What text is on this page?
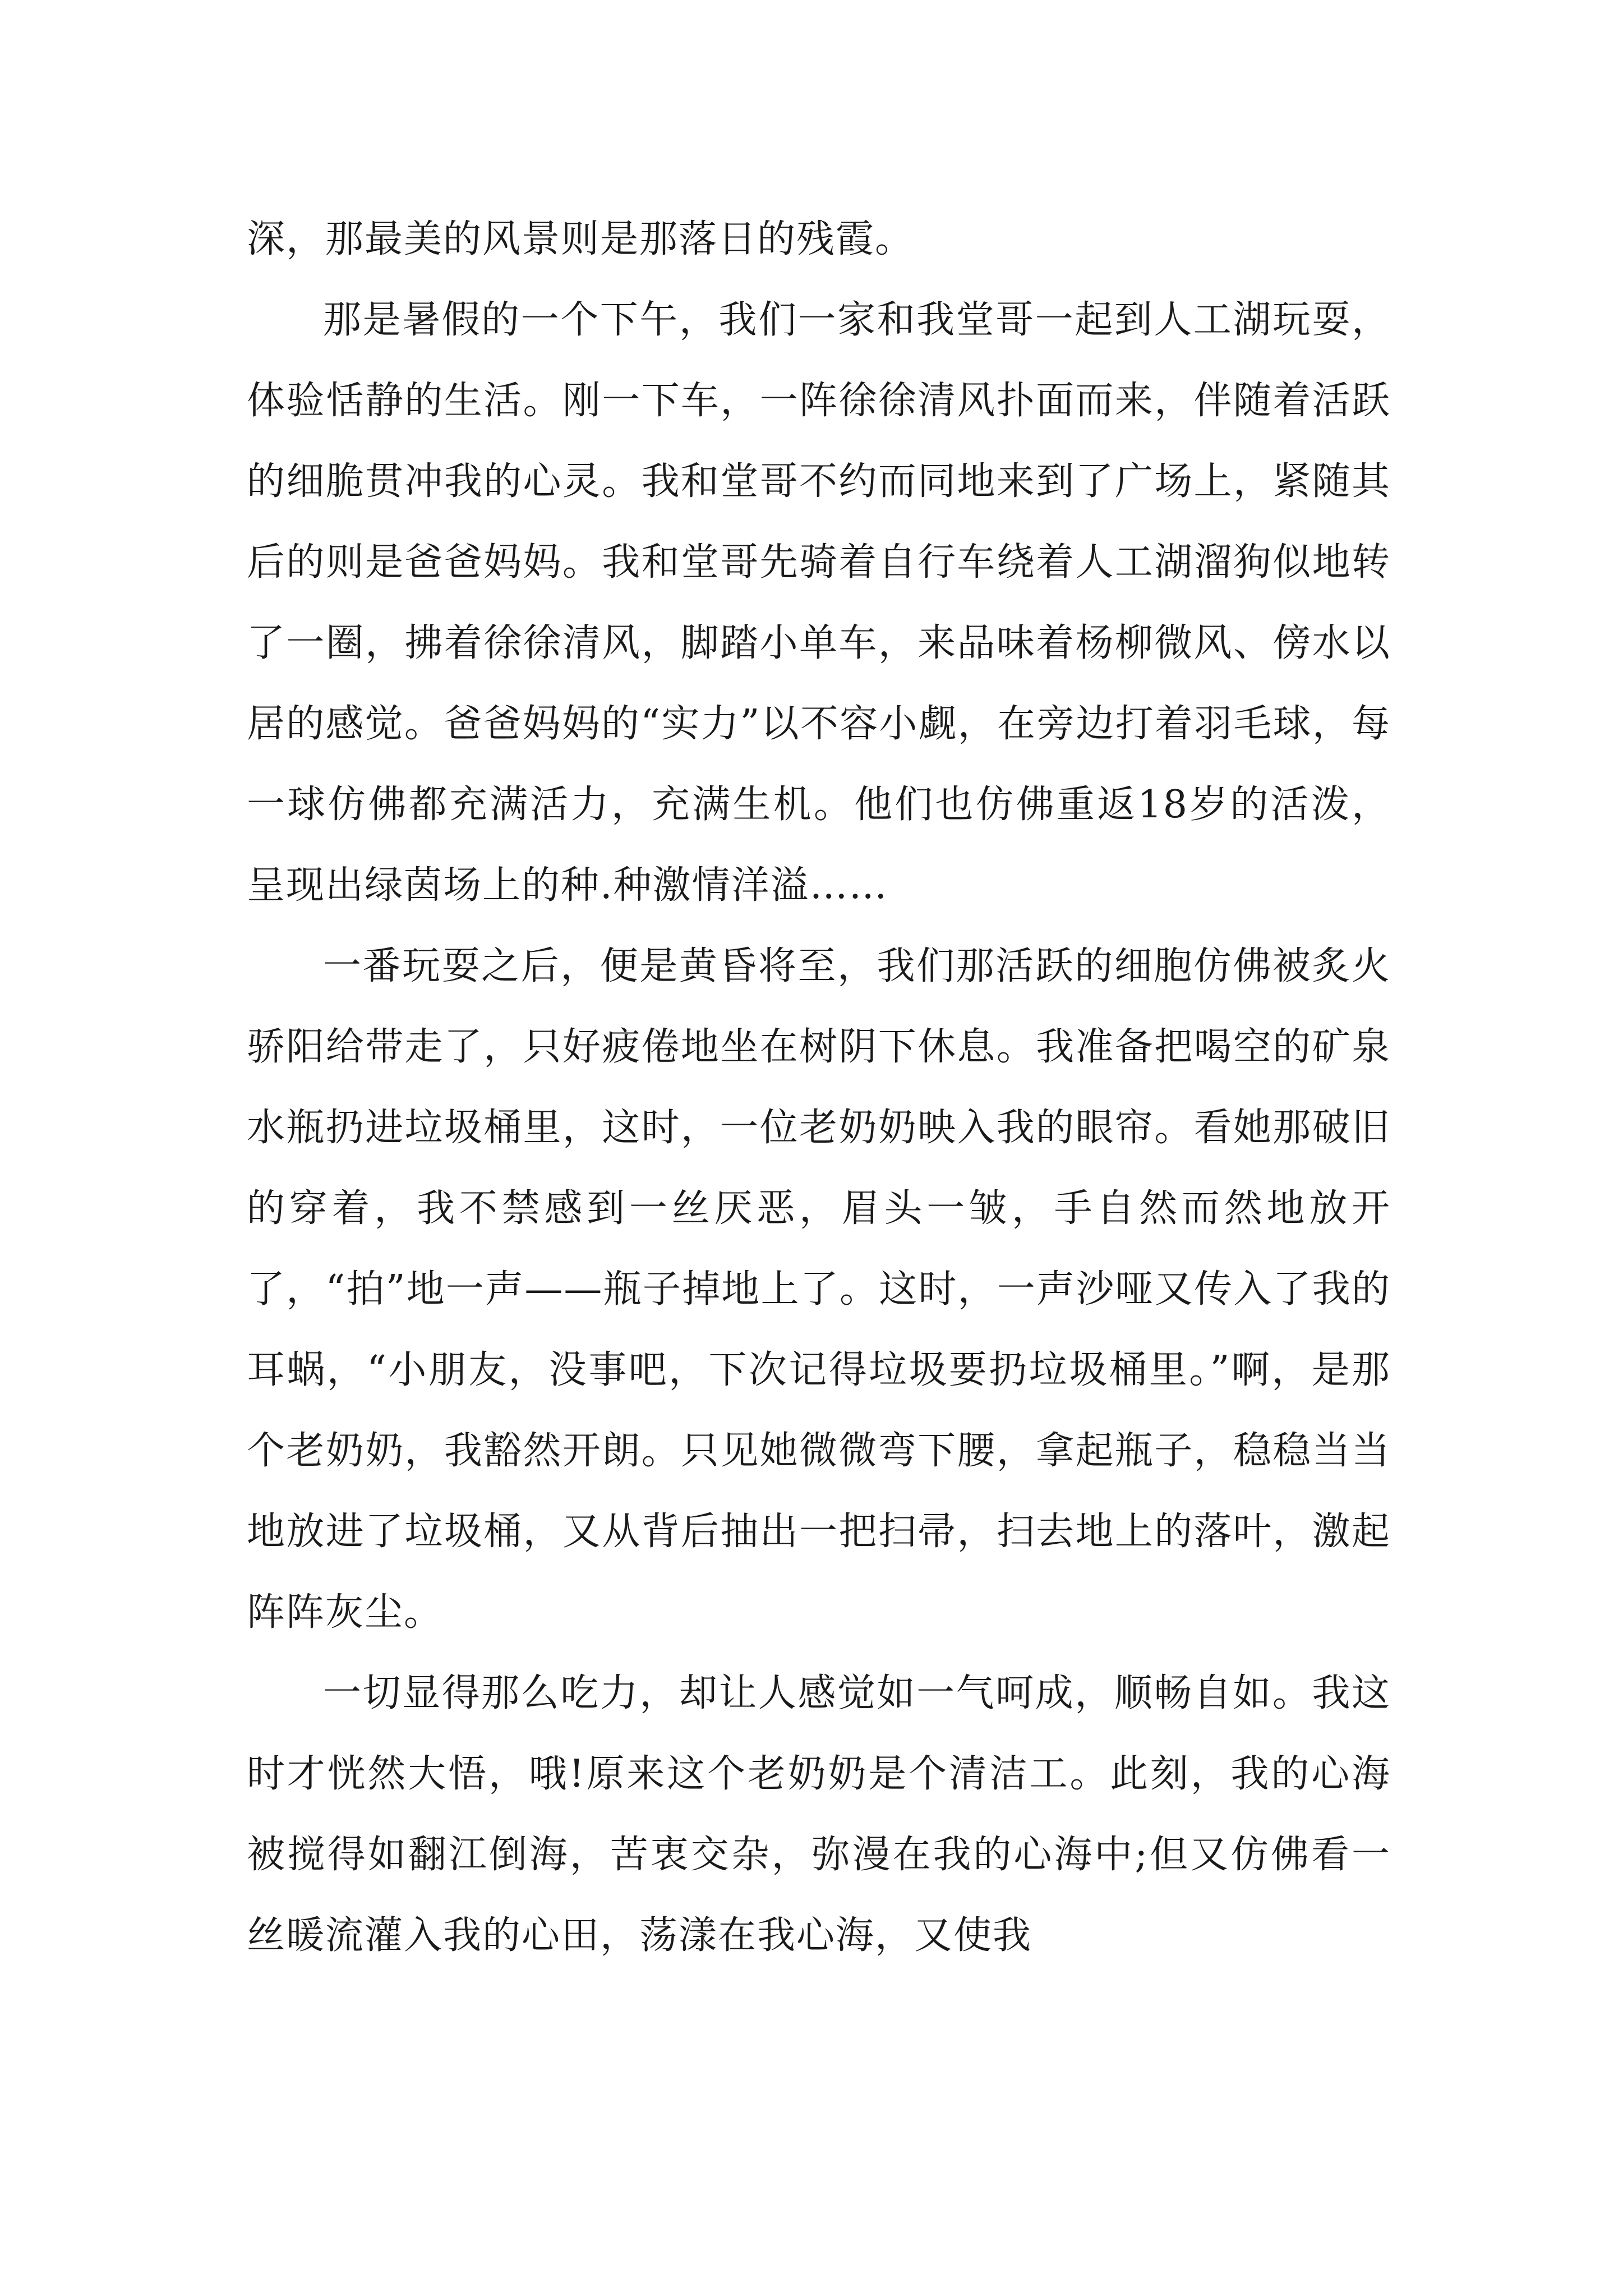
深，那最美的风景则是那落日的残霞。

那是暑假的一个下午，我们一家和我堂哥一起到人工湖玩耍，体验恬静的生活。刚一下车，一阵徐徐清风扑面而来，伴随着活跃的细脆贯冲我的心灵。我和堂哥不约而同地来到了广场上，紧随其后的则是爸爸妈妈。我和堂哥先骑着自行车绕着人工湖溜狗似地转了一圈，拂着徐徐清风，脚踏小单车，来品味着杨柳微风、傍水以居的感觉。爸爸妈妈的“实力”以不容小觑，在旁边打着羽毛球，每一球仿佛都充满活力，充满生机。他们也仿佛重返18岁的活泼，呈现出绿茵场上的种.种激情洋溢……

一番玩耍之后，便是黄昏将至，我们那活跃的细胞仿佛被炙火骄阳给带走了，只好疲倦地坐在树阴下休息。我准备把喝空的矿泉水瓶扔进垃圾桶里，这时，一位老奶奶映入我的眼帘。看她那破旧的穿着，我不禁感到一丝厌恶，眉头一皱，手自然而然地放开了，“拍”地一声——瓶子掉地上了。这时，一声沙哑又传入了我的耳蜗，“小朋友，没事吧，下次记得垃圾要扔垃圾桶里。”啊，是那个老奶奶，我豁然开朗。只见她微微弯下腰，拿起瓶子，稳稳当当地放进了垃圾桶，又从背后抽出一把扫帚，扫去地上的落叶，激起阵阵灰尘。

一切显得那么吃力，却让人感觉如一气呵成，顺畅自如。我这时才恍然大悟，哦!原来这个老奶奶是个清洁工。此刻，我的心海被搅得如翻江倒海，苦衷交杂，弥漫在我的心海中;但又仿佛看一丝暖流灌入我的心田，荡漾在我心海，又使我
